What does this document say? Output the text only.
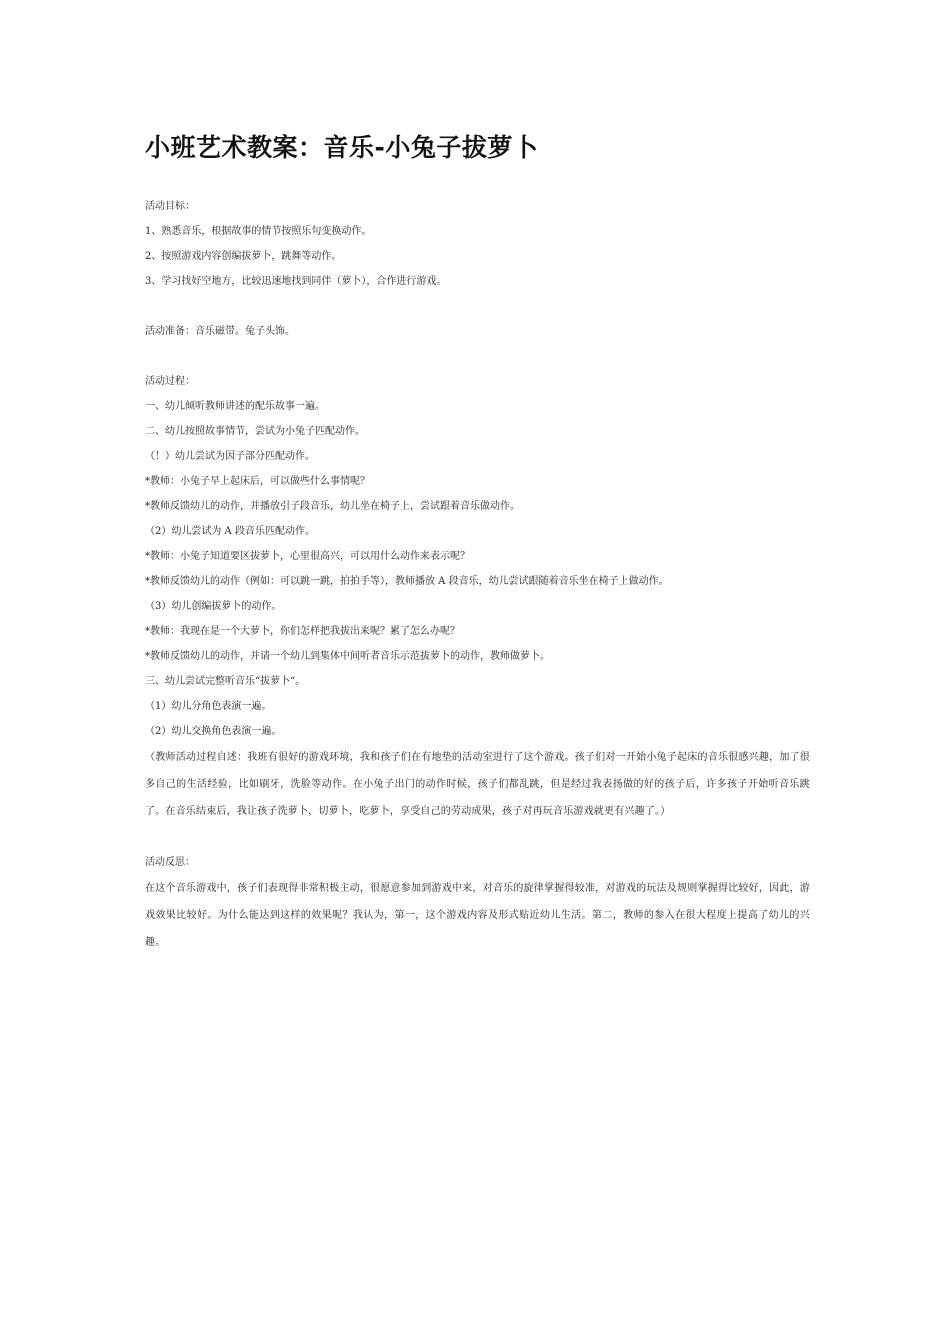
小班艺术教案：音乐-小兔子拔萝卜

活动目标：

1、熟悉音乐，根据故事的情节按照乐句变换动作。

2、按照游戏内容创编拔萝卜，跳舞等动作。

3、学习找好空地方，比较迅速地找到同伴（萝卜），合作进行游戏。

活动准备：音乐磁带。兔子头饰。

活动过程：

一、幼儿倾听教师讲述的配乐故事一遍。

二、幼儿按照故事情节，尝试为小兔子匹配动作。

（！）幼儿尝试为因子部分匹配动作。

*教师：小兔子早上起床后，可以做些什么事情呢？

*教师反馈幼儿的动作，并播放引子段音乐，幼儿坐在椅子上，尝试跟着音乐做动作。

（2）幼儿尝试为 A 段音乐匹配动作。

*教师：小兔子知道要区拔萝卜，心里很高兴，可以用什么动作来表示呢？

*教师反馈幼儿的动作（例如：可以跳一跳，拍拍手等），教师播放 A 段音乐，幼儿尝试跟随着音乐坐在椅子上做动作。

（3）幼儿创编拔萝卜的动作。

*教师：我现在是一个大萝卜，你们怎样把我拔出来呢？累了怎么办呢？

*教师反馈幼儿的动作，并请一个幼儿到集体中间听者音乐示范拔萝卜的动作，教师做萝卜。

三、幼儿尝试完整听音乐“拔萝卜“。

（1）幼儿分角色表演一遍。

（2）幼儿交换角色表演一遍。

（教师活动过程自述：我班有很好的游戏环境，我和孩子们在有地垫的活动室进行了这个游戏。孩子们对一开始小兔子起床的音乐很感兴趣，加了很多自己的生活经验，比如刷牙，洗脸等动作。在小兔子出门的动作时候，孩子们都乱跳，但是经过我表扬做的好的孩子后，许多孩子开始听音乐跳了。在音乐结束后，我让孩子洗萝卜，切萝卜，吃萝卜，享受自己的劳动成果，孩子对再玩音乐游戏就更有兴趣了。）

活动反思：

在这个音乐游戏中，孩子们表现得非常积极主动，很愿意参加到游戏中来，对音乐的旋律掌握得较准，对游戏的玩法及规则掌握得比较好，因此，游戏效果比较好。为什么能达到这样的效果呢？我认为，第一，这个游戏内容及形式贴近幼儿生活。第二，教师的参入在很大程度上提高了幼儿的兴趣。
